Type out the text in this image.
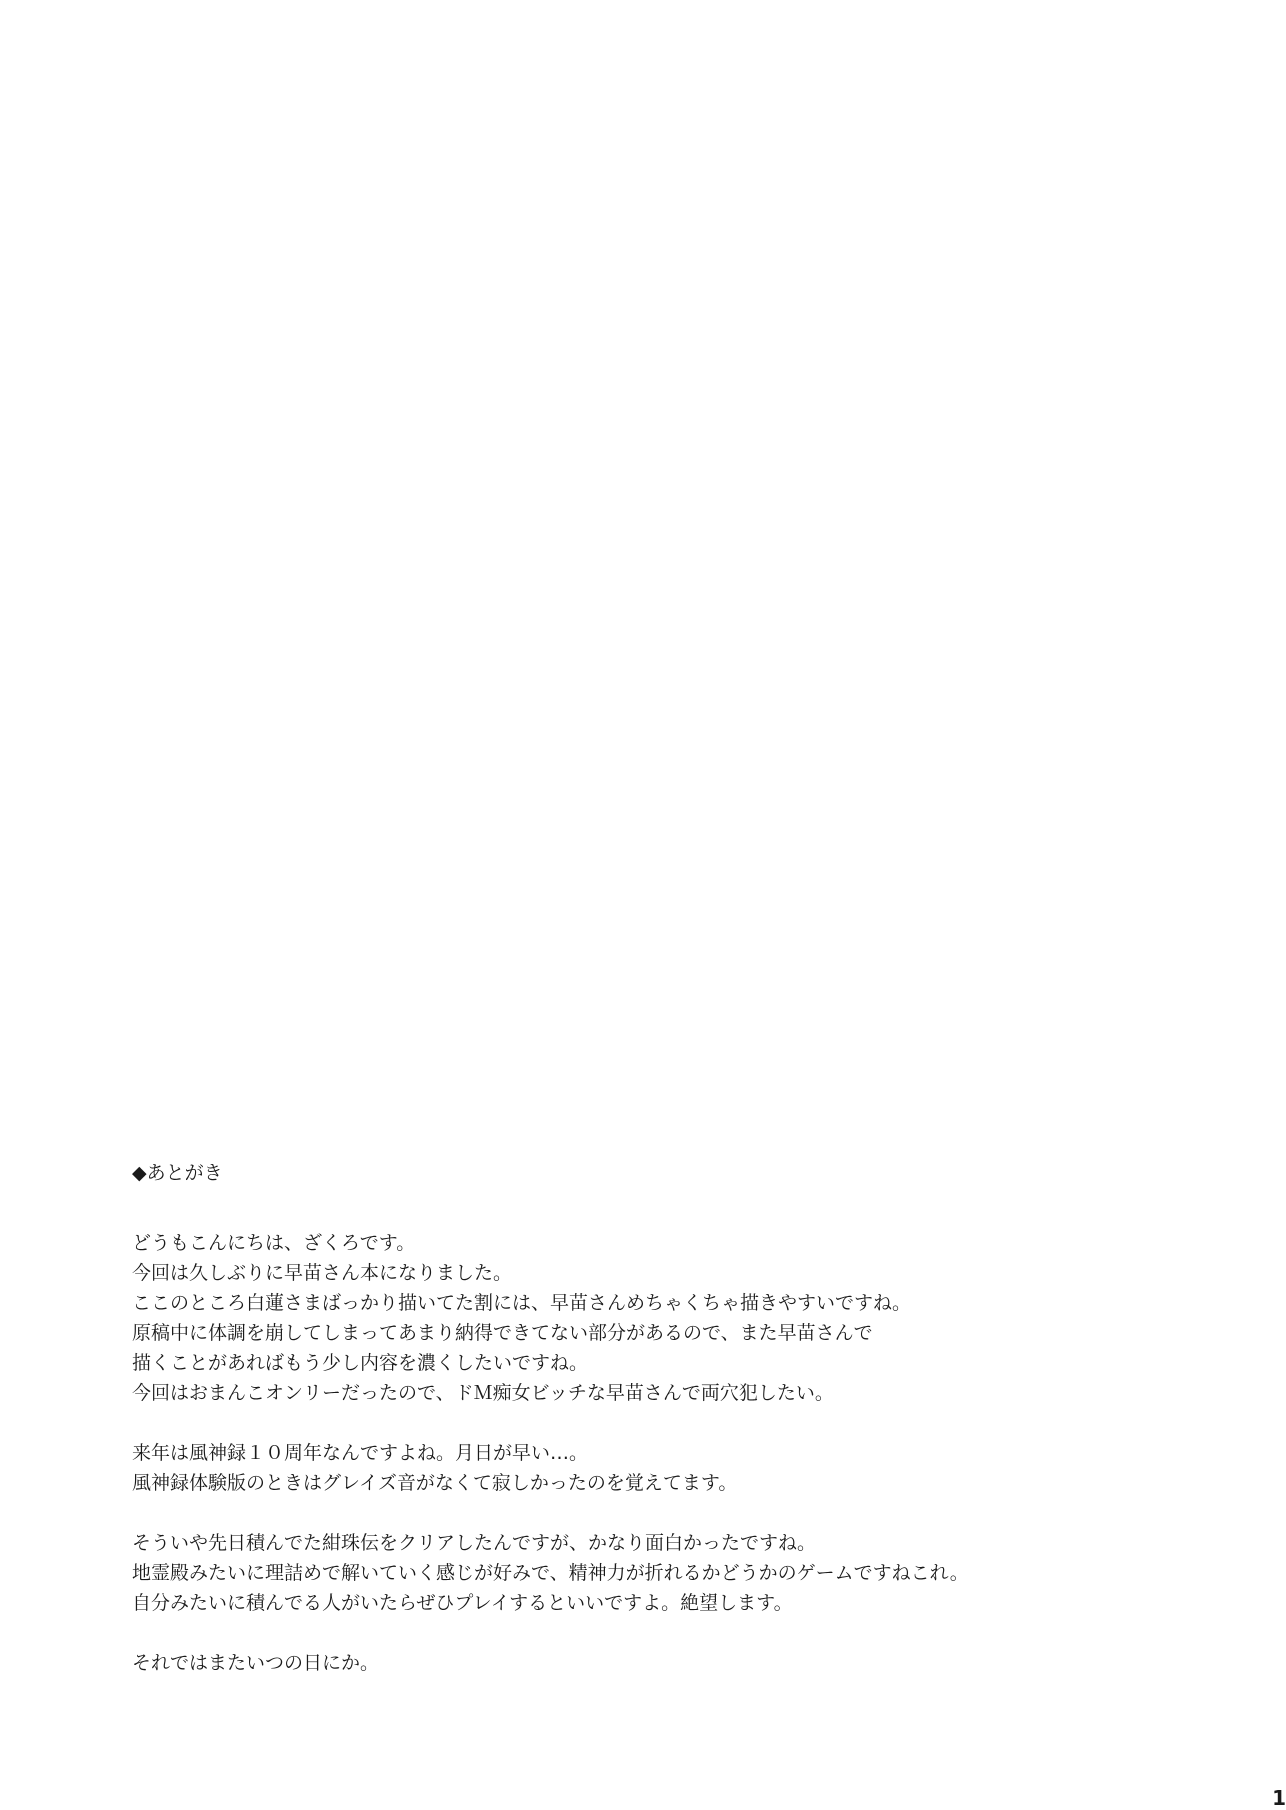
◆あとがき
どうもこんにちは、ざくろです。
今回は久しぶりに早苗さん本になりました。
ここのところ白蓮さまばっかり描いてた割には、早苗さんめちゃくちゃ描きやすいですね。
原稿中に体調を崩してしまってあまり納得できてない部分があるので、また早苗さんで
描くことがあればもう少し内容を濃くしたいですね。
今回はおまんこオンリーだったので、ドＭ痴女ビッチな早苗さんで両穴犯したい。
来年は風神録１０周年なんですよね。月日が早い…。
風神録体験版のときはグレイズ音がなくて寂しかったのを覚えてます。
そういや先日積んでた紺珠伝をクリアしたんですが、かなり面白かったですね。
地霊殿みたいに理詰めで解いていく感じが好みで、精神力が折れるかどうかのゲームですねこれ。
自分みたいに積んでる人がいたらぜひプレイするといいですよ。絶望します。
それではまたいつの日にか。
1
